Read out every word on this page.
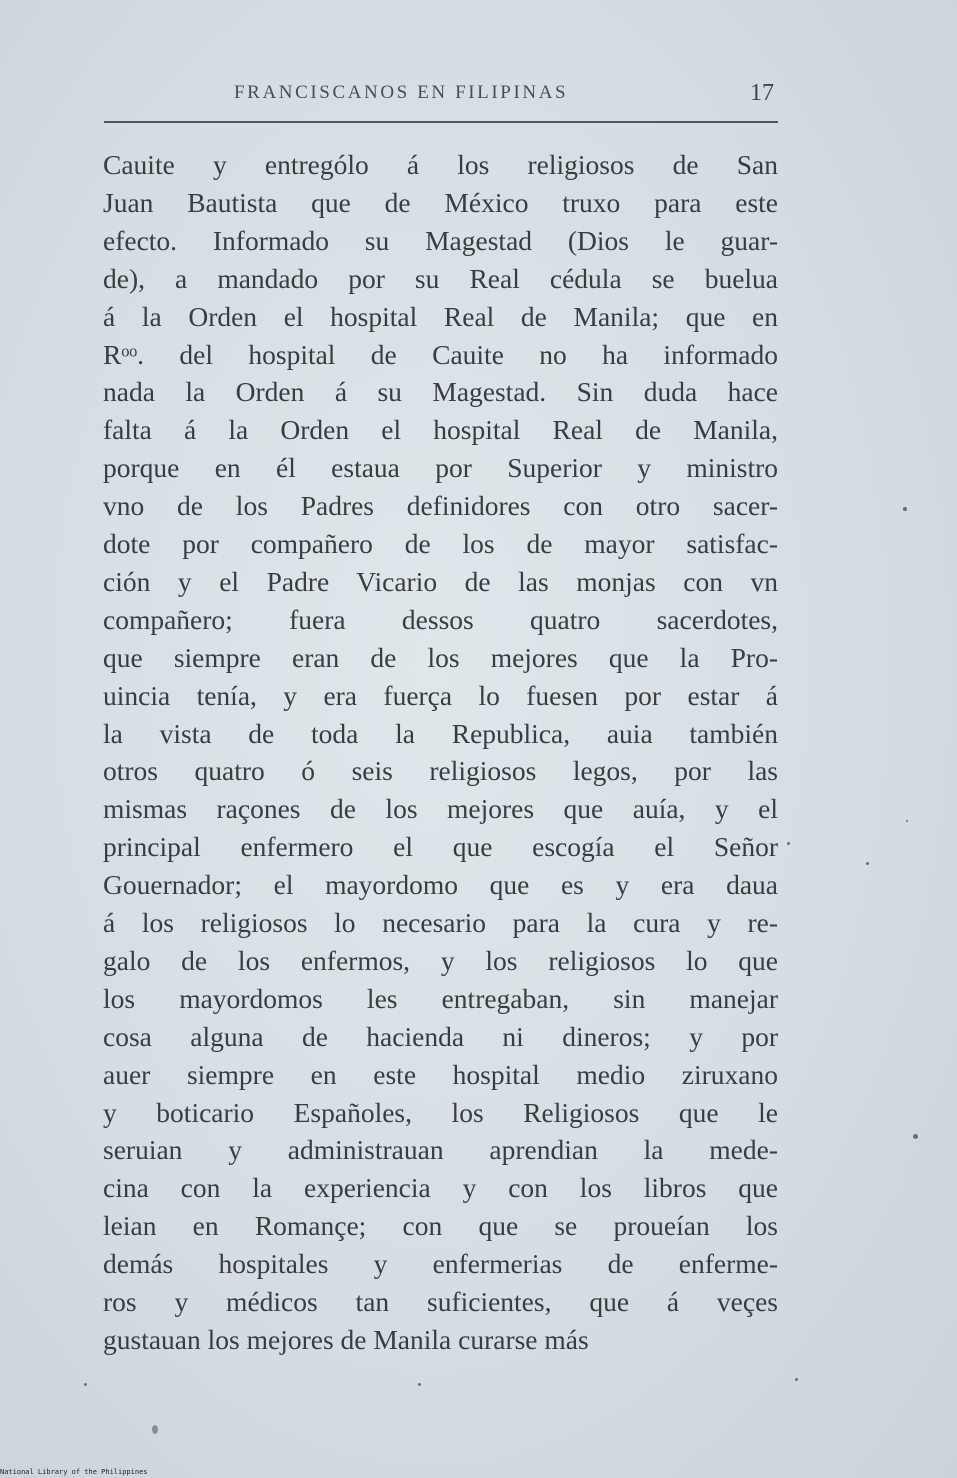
FRANCISCANOS EN FILIPINAS	17
Cauite y entrególo á los religiosos de San
Juan Bautista que de México truxo para este
efecto. Informado su Magestad (Dios le guar-
de), a mandado por su Real cédula se buelua
á la Orden el hospital Real de Manila; que en
Rᵒᵒ. del hospital de Cauite no ha informado
nada la Orden á su Magestad. Sin duda hace
falta á la Orden el hospital Real de Manila,
porque en él estaua por Superior y ministro
vno de los Padres definidores con otro sacer-
dote por compañero de los de mayor satisfac-
ción y el Padre Vicario de las monjas con vn
compañero; fuera dessos quatro sacerdotes,
que siempre eran de los mejores que la Pro-
uincia tenía, y era fuerça lo fuesen por estar á
la vista de toda la Republica, auia también
otros quatro ó seis religiosos legos, por las
mismas raçones de los mejores que auía, y el
principal enfermero el que escogía el Señor
Gouernador; el mayordomo que es y era daua
á los religiosos lo necesario para la cura y re-
galo de los enfermos, y los religiosos lo que
los mayordomos les entregaban, sin manejar
cosa alguna de hacienda ni dineros; y por
auer siempre en este hospital medio ziruxano
y boticario Españoles, los Religiosos que le
seruian y administrauan aprendian la mede-
cina con la experiencia y con los libros que
leian en Romançe; con que se proueían los
demás hospitales y enfermerias de enferme-
ros y médicos tan suficientes, que á veçes
gustauan los mejores de Manila curarse más
National Library of the Philippines
